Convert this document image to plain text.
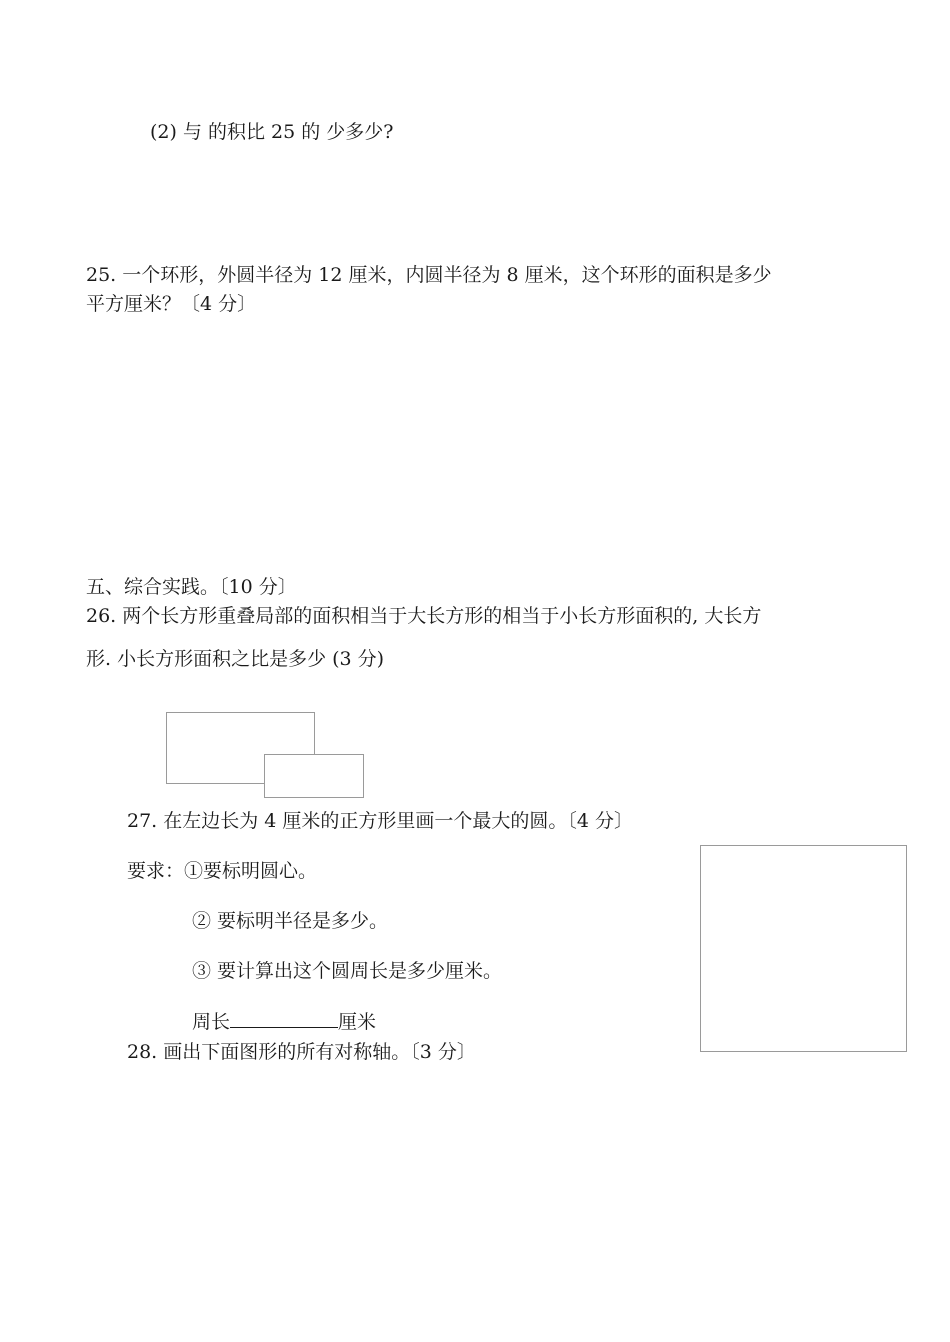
(2) 与 的积比 25 的 少多少?
25. 一个环形，外圆半径为 12 厘米，内圆半径为 8 厘米，这个环形的面积是多少
平方厘米？〔4 分〕
五、综合实践。〔10 分〕
26. 两个长方形重叠局部的面积相当于大长方形的相当于小长方形面积的, 大长方
形. 小长方形面积之比是多少 (3 分)
27. 在左边长为 4 厘米的正方形里画一个最大的圆。〔4 分〕
要求：①要标明圆心。
② 要标明半径是多少。
③ 要计算出这个圆周长是多少厘米。
周长	厘米
28. 画出下面图形的所有对称轴。〔3 分〕
